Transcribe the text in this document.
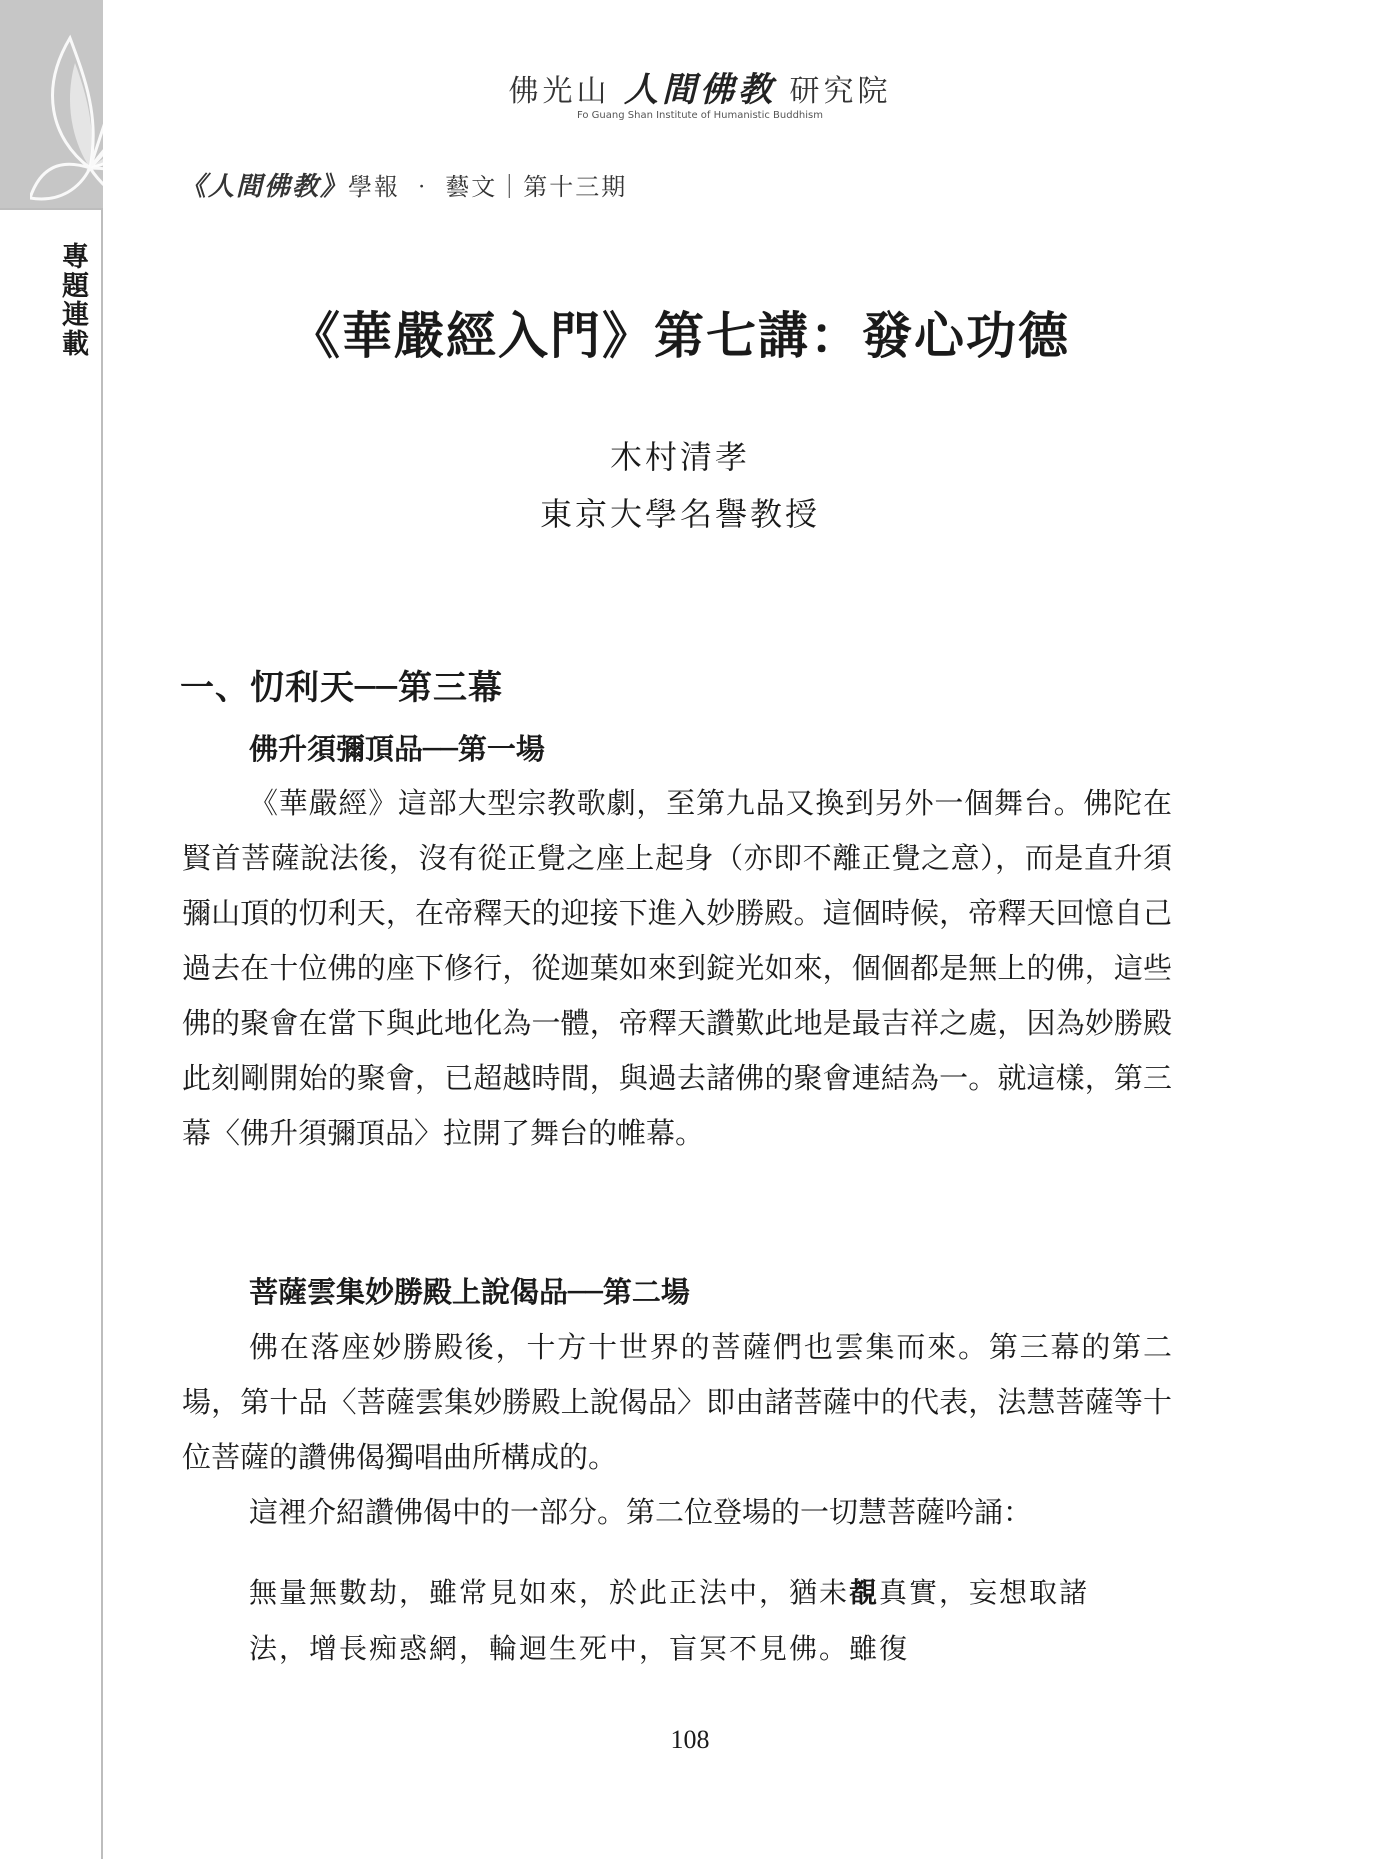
專題連載
佛光山 人間佛教 研究院
Fo Guang Shan Institute of Humanistic Buddhism
《人間佛教》學報 ‧ 藝文｜第十三期
《華嚴經入門》第七講：發心功德
木村清孝
東京大學名譽教授
一、忉利天──第三幕
佛升須彌頂品──第一場

《華嚴經》這部大型宗教歌劇，至第九品又換到另外一個舞台。佛陀在賢首菩薩說法後，沒有從正覺之座上起身（亦即不離正覺之意），而是直升須彌山頂的忉利天，在帝釋天的迎接下進入妙勝殿。這個時候，帝釋天回憶自己過去在十位佛的座下修行，從迦葉如來到錠光如來，個個都是無上的佛，這些佛的聚會在當下與此地化為一體，帝釋天讚歎此地是最吉祥之處，因為妙勝殿此刻剛開始的聚會，已超越時間，與過去諸佛的聚會連結為一。就這樣，第三幕〈佛升須彌頂品〉拉開了舞台的帷幕。

菩薩雲集妙勝殿上說偈品──第二場

佛在落座妙勝殿後，十方十世界的菩薩們也雲集而來。第三幕的第二場，第十品〈菩薩雲集妙勝殿上說偈品〉即由諸菩薩中的代表，法慧菩薩等十位菩薩的讚佛偈獨唱曲所構成的。

這裡介紹讚佛偈中的一部分。第二位登場的一切慧菩薩吟誦：

無量無數劫，雖常見如來，於此正法中，猶未覩真實，妄想取諸法，增長痴惑網，輪迴生死中，盲冥不見佛。雖復

108
